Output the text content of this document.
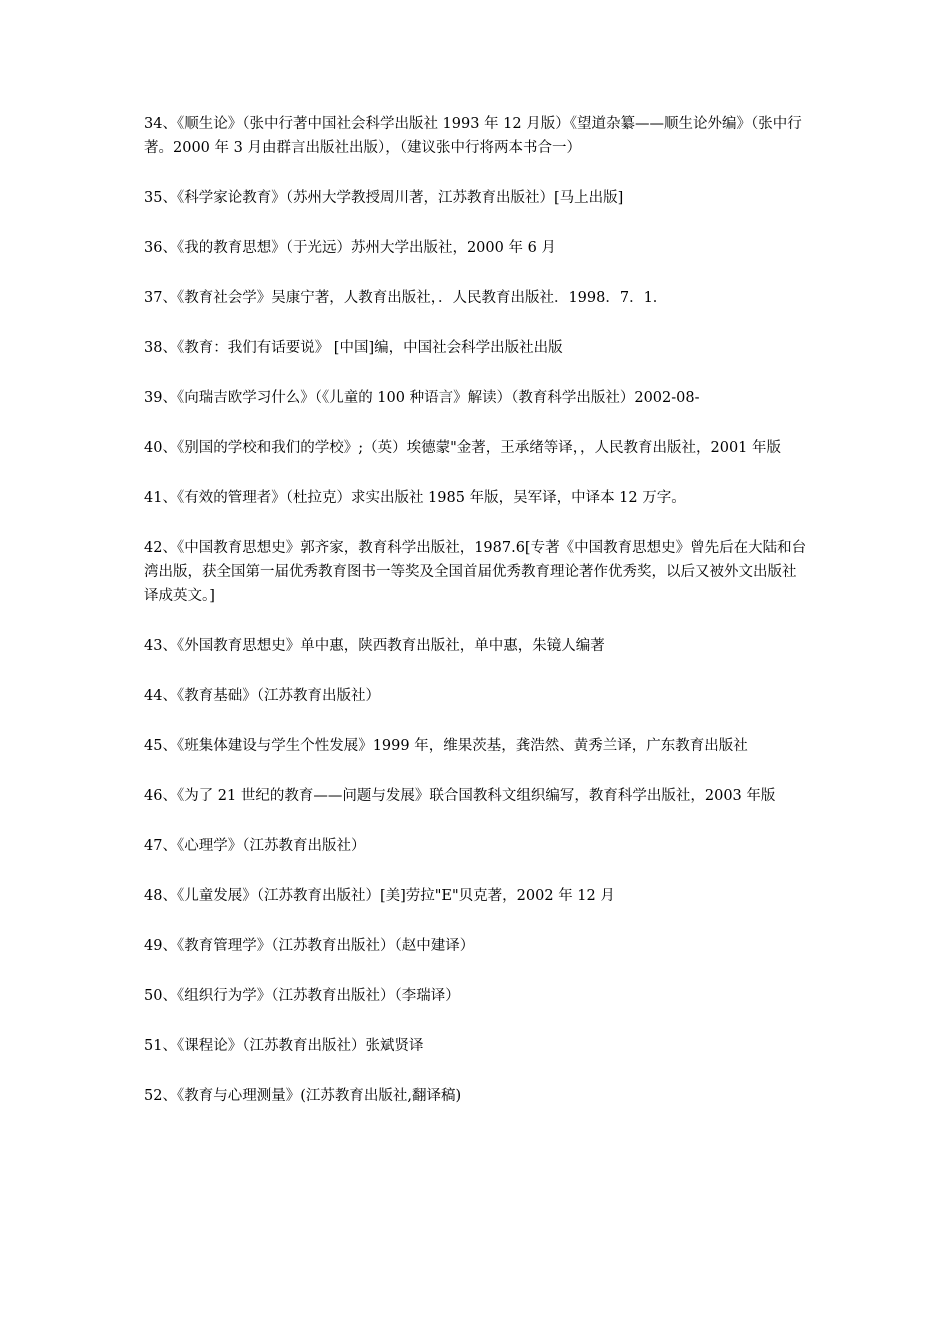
34、《顺生论》（张中行著中国社会科学出版社 1993 年 12 月版）《望道杂纂——顺生论外编》（张中行著。2000 年 3 月由群言出版社出版），（建议张中行将两本书合一）

35、《科学家论教育》（苏州大学教授周川著，江苏教育出版社）[马上出版]

36、《我的教育思想》（于光远）苏州大学出版社，2000 年 6 月

37、《教育社会学》吴康宁著，人教育出版社，．人民教育出版社．1998．7．1．

38、《教育：我们有话要说》 [中国]编，中国社会科学出版社出版

39、《向瑞吉欧学习什么》（《儿童的 100 种语言》解读）（教育科学出版社）2002-08-

40、《别国的学校和我们的学校》;（英）埃德蒙"金著，王承绪等译，，人民教育出版社，2001 年版

41、《有效的管理者》（杜拉克）求实出版社 1985 年版，吴军译，中译本 12 万字。

42、《中国教育思想史》郭齐家，教育科学出版社，1987.6[专著《中国教育思想史》曾先后在大陆和台湾出版，获全国第一届优秀教育图书一等奖及全国首届优秀教育理论著作优秀奖，以后又被外文出版社译成英文。]

43、《外国教育思想史》单中惠，陕西教育出版社，单中惠，朱镜人编著

44、《教育基础》（江苏教育出版社）

45、《班集体建设与学生个性发展》1999 年，维果茨基，龚浩然、黄秀兰译，广东教育出版社

46、《为了 21 世纪的教育——问题与发展》联合国教科文组织编写，教育科学出版社，2003 年版

47、《心理学》（江苏教育出版社）

48、《儿童发展》（江苏教育出版社）[美]劳拉"E"贝克著，2002 年 12 月

49、《教育管理学》（江苏教育出版社）（赵中建译）

50、《组织行为学》（江苏教育出版社）（李瑞译）

51、《课程论》（江苏教育出版社）张斌贤译

52、《教育与心理测量》(江苏教育出版社,翻译稿)
